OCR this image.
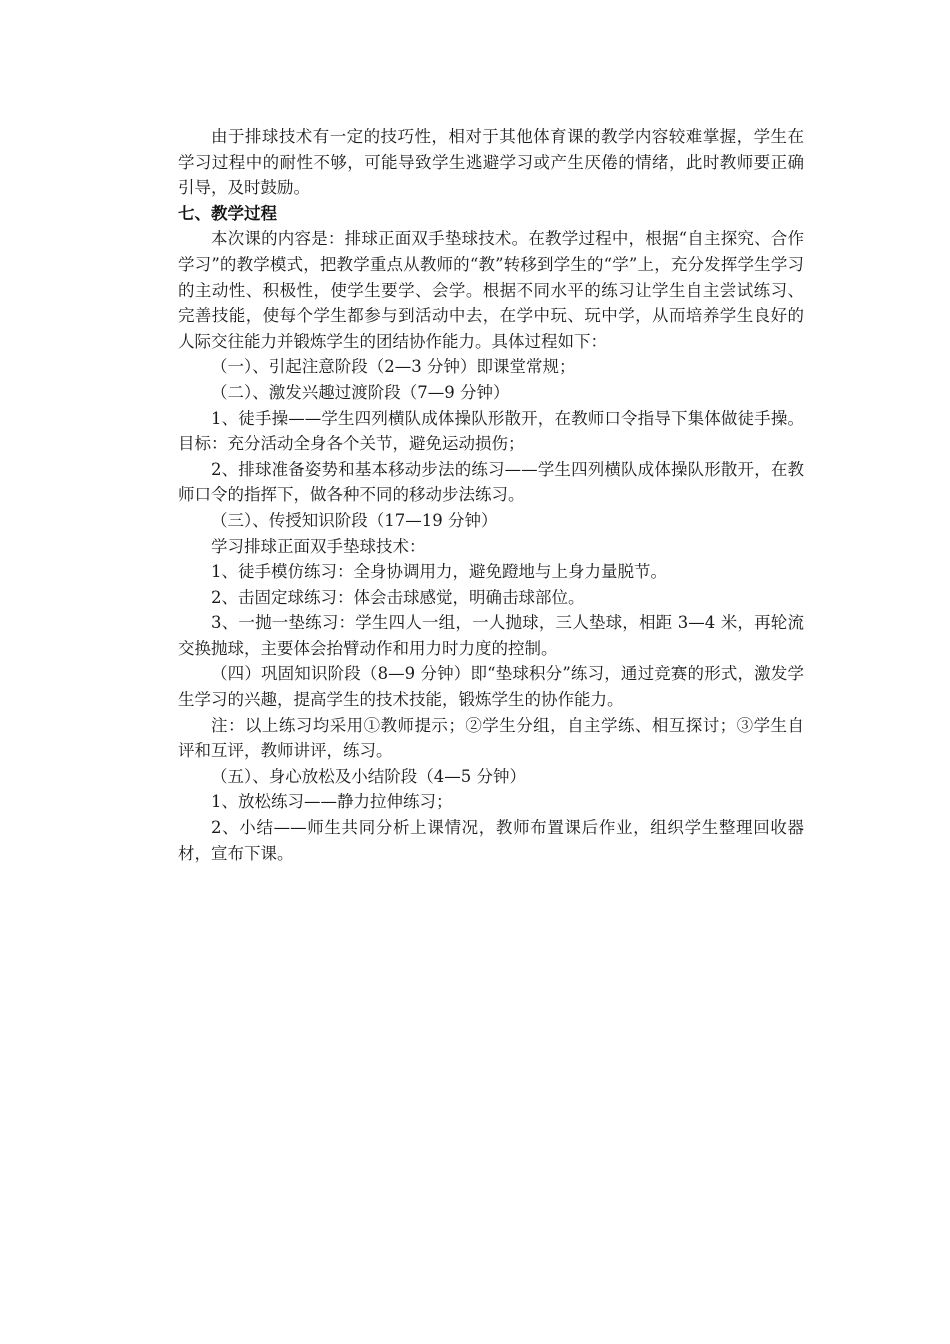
由于排球技术有一定的技巧性，相对于其他体育课的教学内容较难掌握，学生在学习过程中的耐性不够，可能导致学生逃避学习或产生厌倦的情绪，此时教师要正确引导，及时鼓励。

七、教学过程

本次课的内容是：排球正面双手垫球技术。在教学过程中，根据“自主探究、合作学习”的教学模式，把教学重点从教师的“教”转移到学生的“学”上，充分发挥学生学习的主动性、积极性，使学生要学、会学。根据不同水平的练习让学生自主尝试练习、完善技能，使每个学生都参与到活动中去，在学中玩、玩中学，从而培养学生良好的人际交往能力并锻炼学生的团结协作能力。具体过程如下：

（一）、引起注意阶段（2—3 分钟）即课堂常规；

（二）、激发兴趣过渡阶段（7—9 分钟）

1、徒手操——学生四列横队成体操队形散开，在教师口令指导下集体做徒手操。目标：充分活动全身各个关节，避免运动损伤；

2、排球准备姿势和基本移动步法的练习——学生四列横队成体操队形散开，在教师口令的指挥下，做各种不同的移动步法练习。

（三）、传授知识阶段（17—19 分钟）

学习排球正面双手垫球技术：

1、徒手模仿练习：全身协调用力，避免蹬地与上身力量脱节。

2、击固定球练习：体会击球感觉，明确击球部位。

3、一抛一垫练习：学生四人一组，一人抛球，三人垫球，相距 3—4 米，再轮流交换抛球，主要体会抬臂动作和用力时力度的控制。

（四）巩固知识阶段（8—9 分钟）即“垫球积分”练习，通过竞赛的形式，激发学生学习的兴趣，提高学生的技术技能，锻炼学生的协作能力。

注：以上练习均采用①教师提示；②学生分组，自主学练、相互探讨；③学生自评和互评，教师讲评，练习。

（五）、身心放松及小结阶段（4—5 分钟）

1、放松练习——静力拉伸练习；

2、小结——师生共同分析上课情况，教师布置课后作业，组织学生整理回收器材，宣布下课。
